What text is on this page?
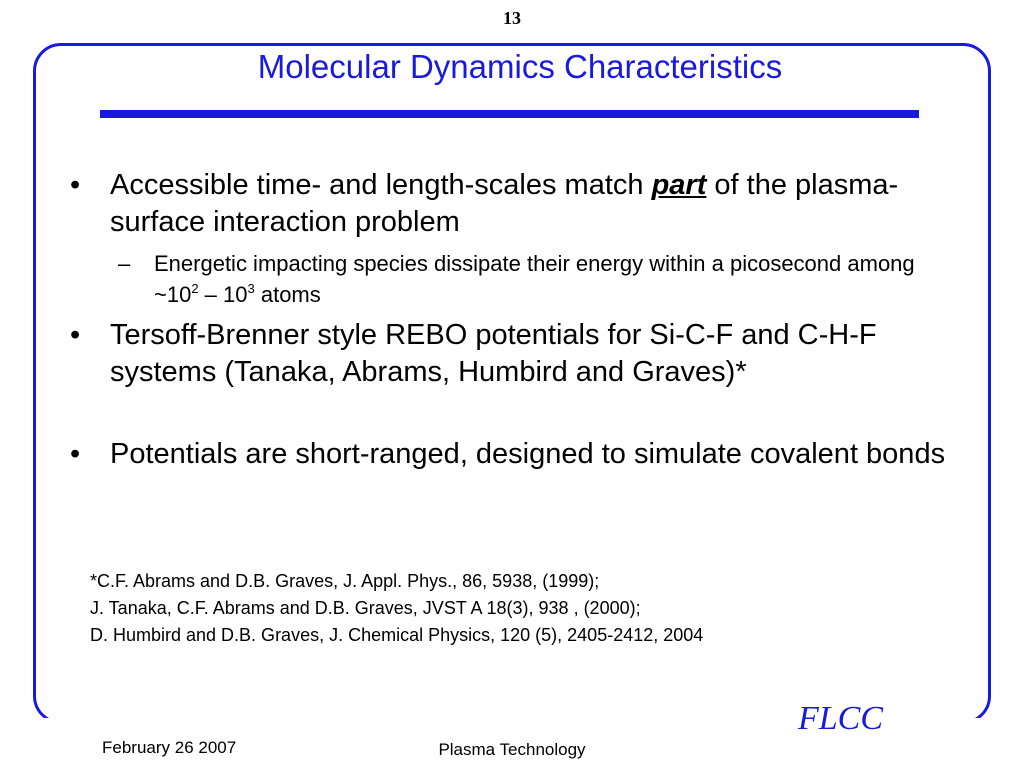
13
Molecular Dynamics Characteristics
• Accessible time- and length-scales match part of the plasma-surface interaction problem
– Energetic impacting species dissipate their energy within a picosecond among $\sim 10^2 - 10^3$ atoms
• Tersoff-Brenner style REBO potentials for Si-C-F and C-H-F systems (Tanaka, Abrams, Humbird and Graves)*
• Potentials are short-ranged, designed to simulate covalent bonds
*C.F. Abrams and D.B. Graves, J. Appl. Phys., 86, 5938, (1999);
J. Tanaka, C.F. Abrams and D.B. Graves, JVST A 18(3), 938 , (2000);
D. Humbird and D.B. Graves, J. Chemical Physics, 120 (5), 2405-2412, 2004
FLCC
February 26 2007	Plasma Technology
